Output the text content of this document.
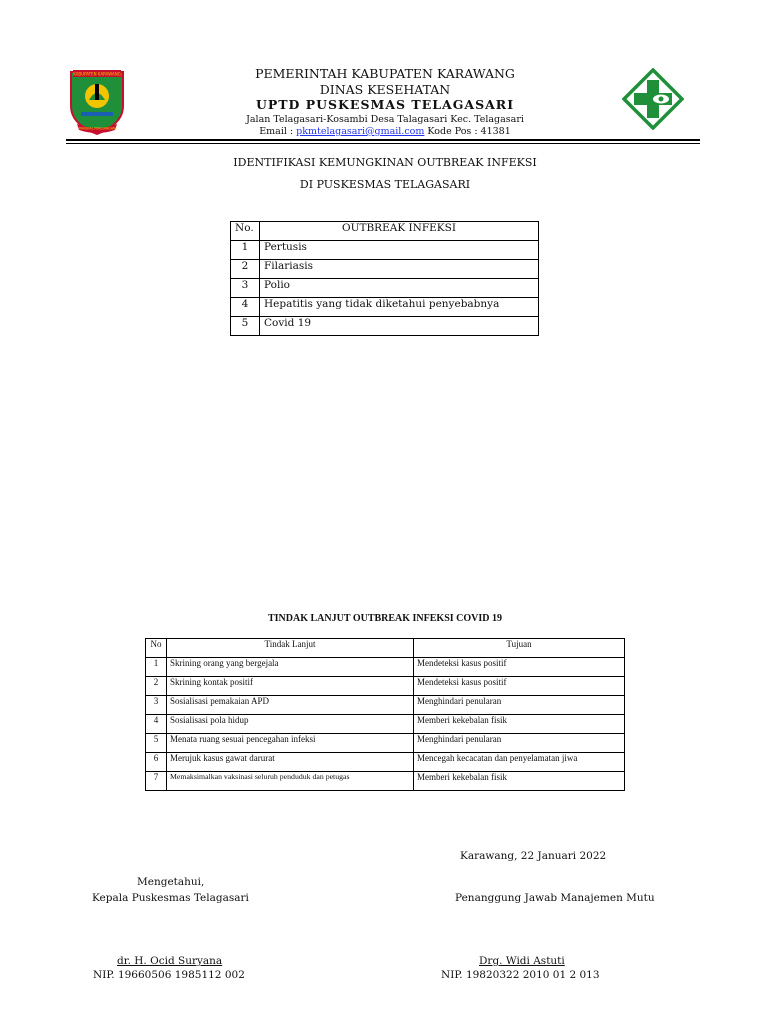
KABUPATEN KARAWANG
PANGKAL PERJUANGAN
PEMERINTAH KABUPATEN KARAWANG
DINAS KESEHATAN
UPTD PUSKESMAS TELAGASARI
Jalan Telagasari-Kosambi Desa Talagasari Kec. Telagasari
Email : pkmtelagasari@gmail.com Kode Pos : 41381
IDENTIFIKASI KEMUNGKINAN OUTBREAK INFEKSI
DI PUSKESMAS TELAGASARI
No.	OUTBREAK INFEKSI
1	Pertusis
2	Filariasis
3	Polio
4	Hepatitis yang tidak diketahui penyebabnya
5	Covid 19
TINDAK LANJUT OUTBREAK INFEKSI COVID 19
No	Tindak Lanjut	Tujuan
1	Skrining orang yang bergejala	Mendeteksi kasus positif
2	Skrining kontak positif	Mendeteksi kasus positif
3	Sosialisasi pemakaian APD	Menghindari penularan
4	Sosialisasi pola hidup	Memberi kekebalan fisik
5	Menata ruang sesuai pencegahan infeksi	Menghindari penularan
6	Merujuk kasus gawat darurat	Mencegah kecacatan dan penyelamatan jiwa
7	Memaksimalkan vaksinasi seluruh penduduk dan petugas	Memberi kekebalan fisik
Karawang, 22 Januari 2022
Mengetahui,
Kepala Puskesmas Telagasari	Penanggung Jawab Manajemen Mutu
dr. H. Ocid Suryana	Drg. Widi Astuti
NIP. 19660506 1985112 002	NIP. 19820322 2010 01 2 013
